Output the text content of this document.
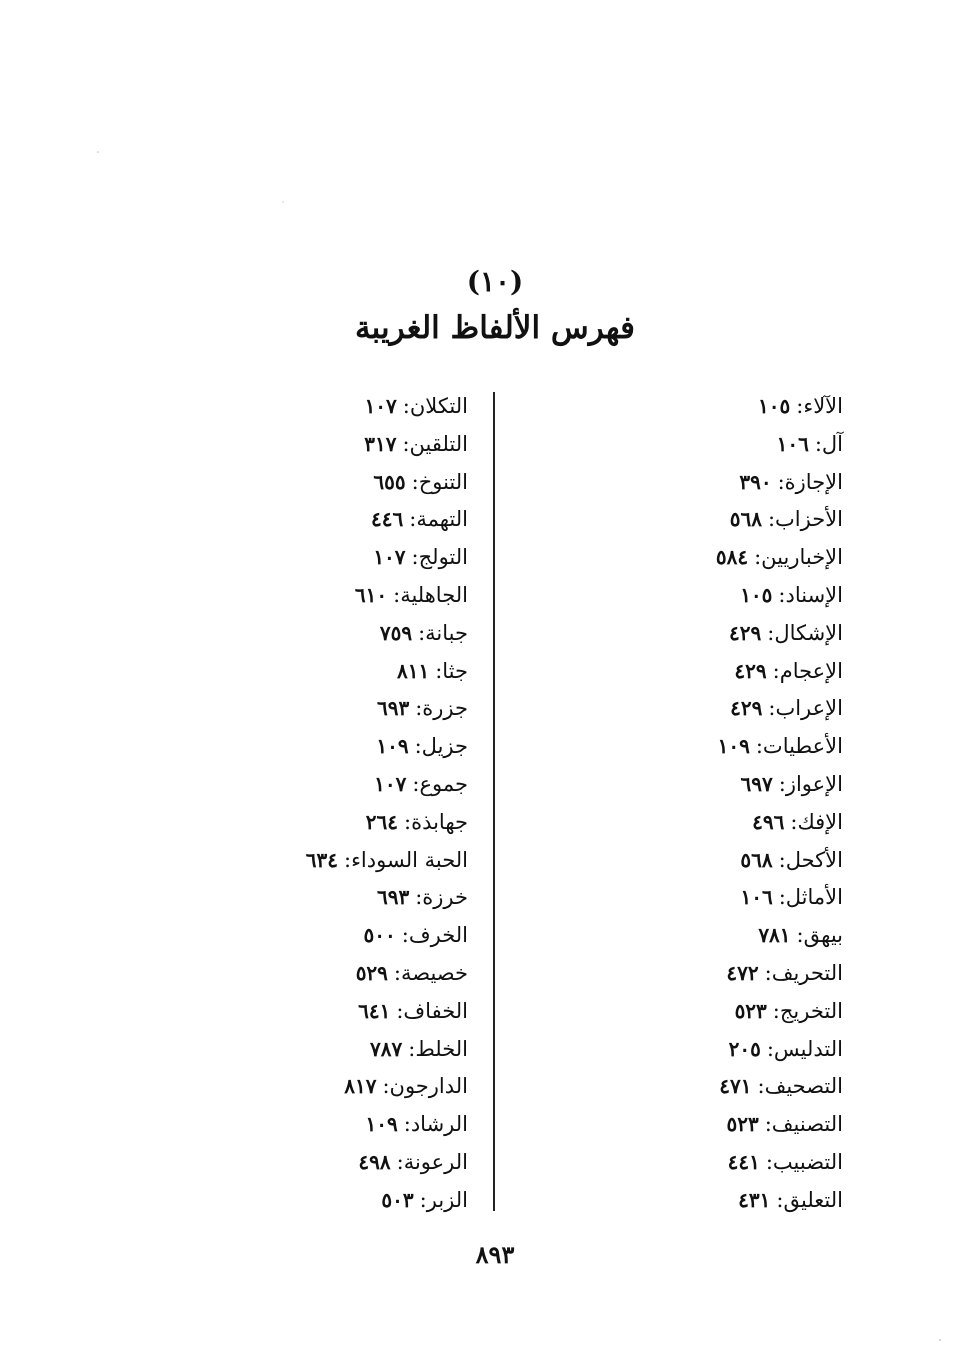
(١٠)
فهرس الألفاظ الغريبة
الآلاء:١٠٥
آل:١٠٦
الإجازة:٣٩٠
الأحزاب:٥٦٨
الإخباريين:٥٨٤
الإسناد:١٠٥
الإشكال:٤٢٩
الإعجام:٤٢٩
الإعراب:٤٢٩
الأعطيات:١٠٩
الإعواز:٦٩٧
الإفك:٤٩٦
الأكحل:٥٦٨
الأماثل:١٠٦
بيهق:٧٨١
التحريف:٤٧٢
التخريج:٥٢٣
التدليس:٢٠٥
التصحيف:٤٧١
التصنيف:٥٢٣
التضبيب:٤٤١
التعليق:٤٣١
التكلان:١٠٧
التلقين:٣١٧
التنوخ:٦٥٥
التهمة:٤٤٦
التولج:١٠٧
الجاهلية:٦١٠
جبانة:٧٥٩
جثا:٨١١
جزرة:٦٩٣
جزيل:١٠٩
جموع:١٠٧
جهابذة:٢٦٤
الحبة السوداء:٦٣٤
خرزة:٦٩٣
الخرف:٥٠٠
خصيصة:٥٢٩
الخفاف:٦٤١
الخلط:٧٨٧
الدارجون:٨١٧
الرشاد:١٠٩
الرعونة:٤٩٨
الزبر:٥٠٣
٨٩٣
